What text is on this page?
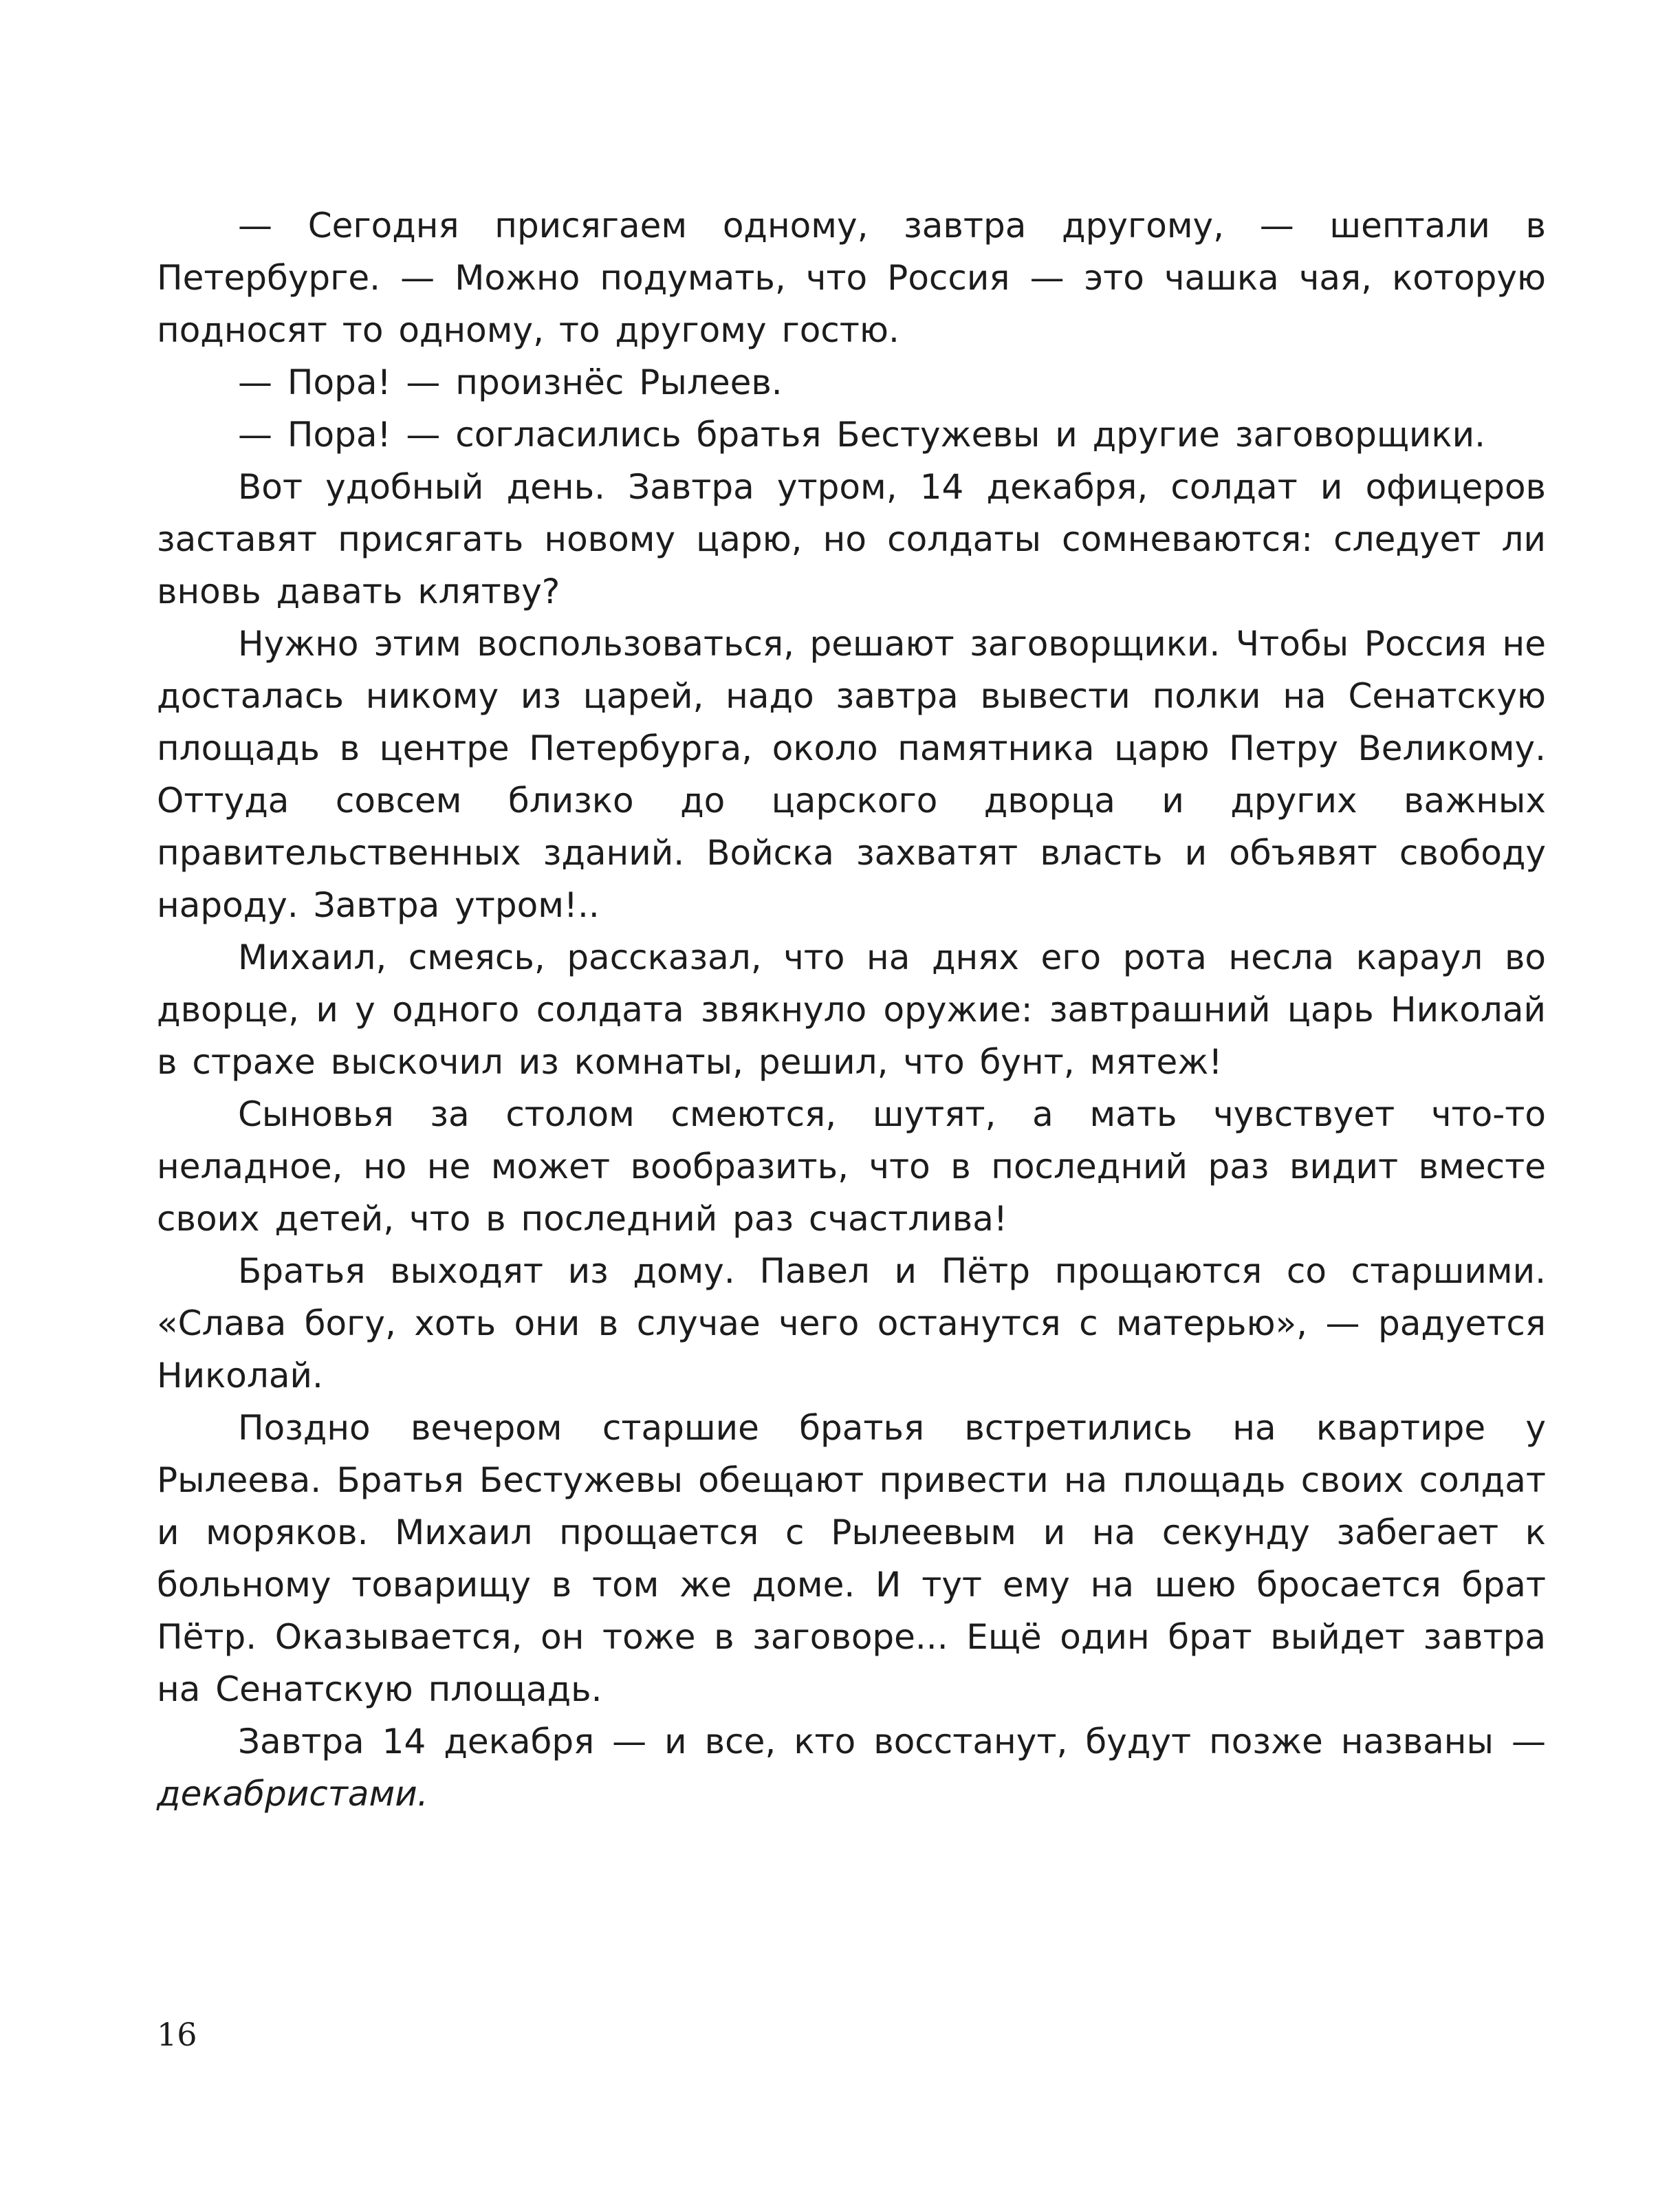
— Сегодня присягаем одному, завтра другому, — шептали в Петербурге. — Можно подумать, что Россия — это чашка чая, которую подносят то одному, то другому гостю.

— Пора! — произнёс Рылеев.

— Пора! — согласились братья Бестужевы и другие заговорщики.

Вот удобный день. Завтра утром, 14 декабря, солдат и офицеров заставят присягать новому царю, но солдаты сомневаются: следует ли вновь давать клятву?

Нужно этим воспользоваться, решают заговорщики. Чтобы Россия не досталась никому из царей, надо завтра вывести полки на Сенатскую площадь в центре Петербурга, около памятника царю Петру Великому. Оттуда совсем близко до царского дворца и других важных правительственных зданий. Войска захватят власть и объявят свободу народу. Завтра утром!..

Михаил, смеясь, рассказал, что на днях его рота несла караул во дворце, и у одного солдата звякнуло оружие: завтрашний царь Николай в страхе выскочил из комнаты, решил, что бунт, мятеж!

Сыновья за столом смеются, шутят, а мать чувствует что-то неладное, но не может вообразить, что в последний раз видит вместе своих детей, что в последний раз счастлива!

Братья выходят из дому. Павел и Пётр прощаются со старшими. «Слава богу, хоть они в случае чего останутся с матерью», — радуется Николай.

Поздно вечером старшие братья встретились на квартире у Рылеева. Братья Бестужевы обещают привести на площадь своих солдат и моряков. Михаил прощается с Рылеевым и на секунду забегает к больному товарищу в том же доме. И тут ему на шею бросается брат Пётр. Оказывается, он тоже в заговоре... Ещё один брат выйдет завтра на Сенатскую площадь.

Завтра 14 декабря — и все, кто восстанут, будут позже названы — декабристами.

16
